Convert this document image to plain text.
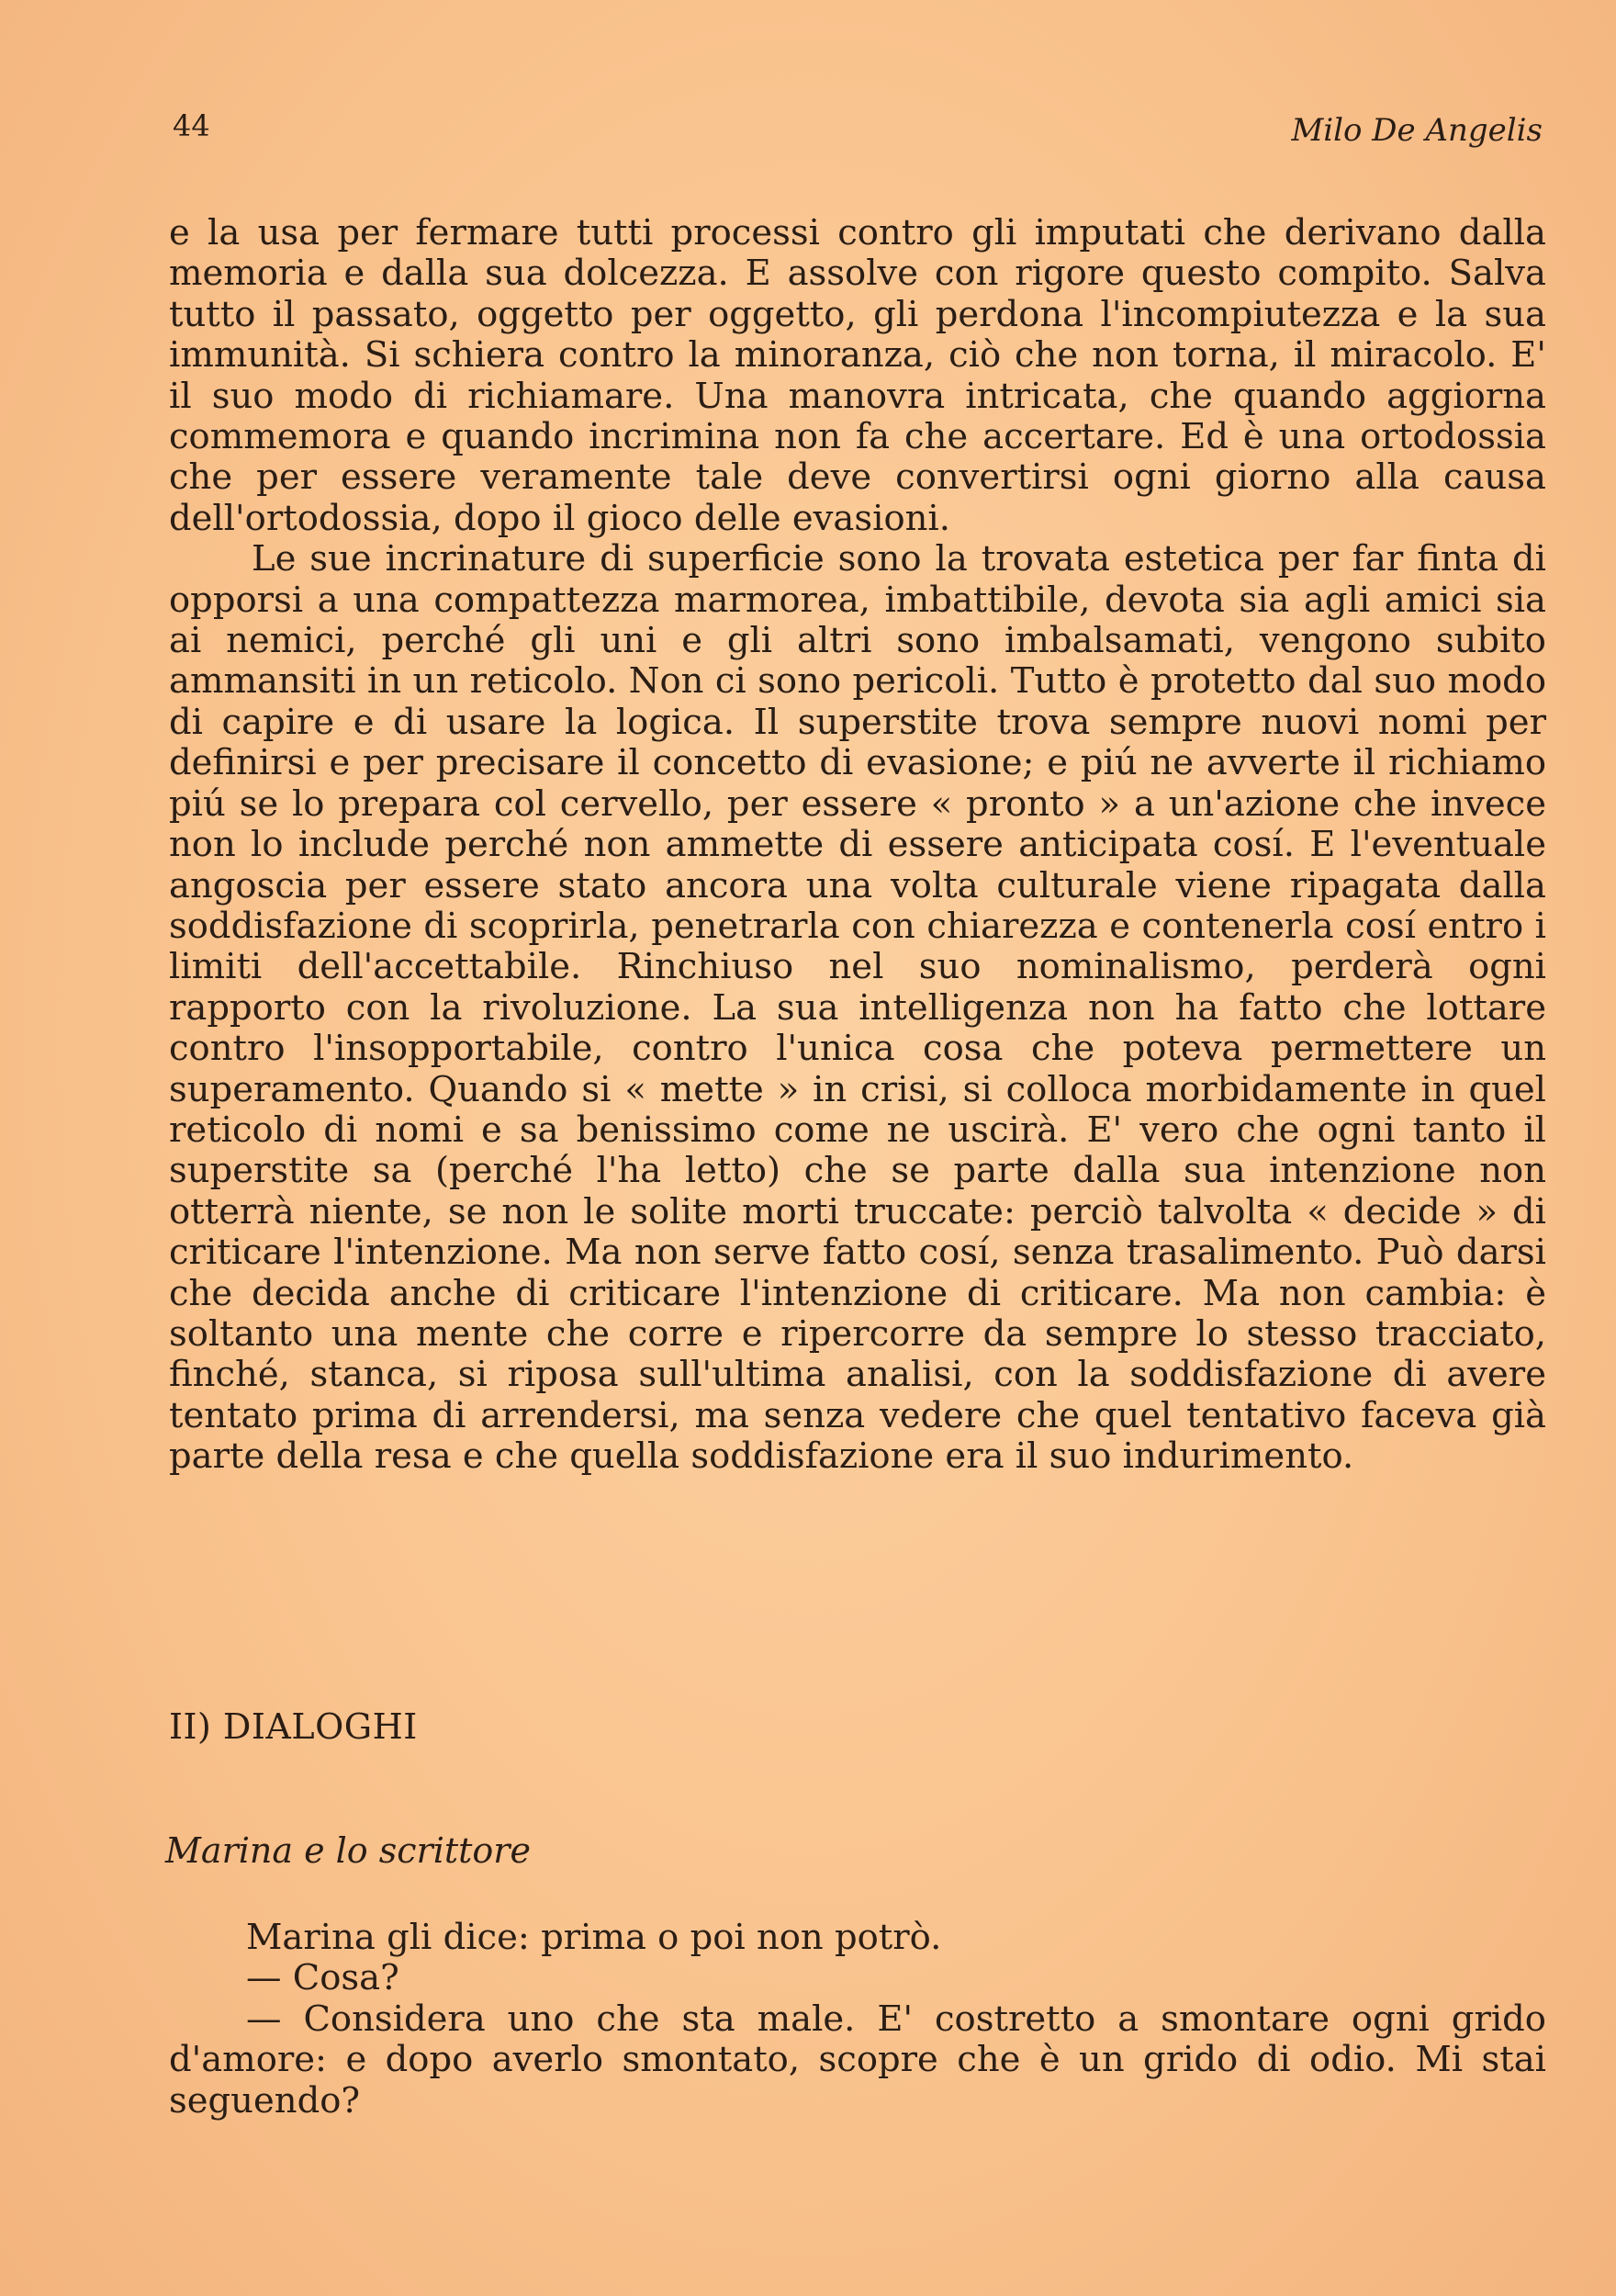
44	Milo De Angelis

e la usa per fermare tutti processi contro gli imputati che derivano dalla memoria e dalla sua dolcezza. E assolve con rigore questo compito. Salva tutto il passato, oggetto per oggetto, gli perdona l'incompiutezza e la sua immunità. Si schiera contro la minoranza, ciò che non torna, il miracolo. E' il suo modo di richiamare. Una manovra intricata, che quando aggiorna commemora e quando incrimina non fa che accertare. Ed è una ortodossia che per essere veramente tale deve convertirsi ogni giorno alla causa dell'ortodossia, dopo il gioco delle evasioni.

Le sue incrinature di superficie sono la trovata estetica per far finta di opporsi a una compattezza marmorea, imbattibile, devota sia agli amici sia ai nemici, perché gli uni e gli altri sono imbalsamati, vengono subito ammansiti in un reticolo. Non ci sono pericoli. Tutto è protetto dal suo modo di capire e di usare la logica. Il superstite trova sempre nuovi nomi per definirsi e per precisare il concetto di evasione; e piú ne avverte il richiamo piú se lo prepara col cervello, per essere « pronto » a un'azione che invece non lo include perché non ammette di essere anticipata cosí. E l'eventuale angoscia per essere stato ancora una volta culturale viene ripagata dalla soddisfazione di scoprirla, penetrarla con chiarezza e contenerla cosí entro i limiti dell'accettabile. Rinchiuso nel suo nominalismo, perderà ogni rapporto con la rivoluzione. La sua intelligenza non ha fatto che lottare contro l'insopportabile, contro l'unica cosa che poteva permettere un superamento. Quando si « mette » in crisi, si colloca morbidamente in quel reticolo di nomi e sa benissimo come ne uscirà. E' vero che ogni tanto il superstite sa (perché l'ha letto) che se parte dalla sua intenzione non otterrà niente, se non le solite morti truccate: perciò talvolta « decide » di criticare l'intenzione. Ma non serve fatto cosí, senza trasalimento. Può darsi che decida anche di criticare l'intenzione di criticare. Ma non cambia: è soltanto una mente che corre e ripercorre da sempre lo stesso tracciato, finché, stanca, si riposa sull'ultima analisi, con la soddisfazione di avere tentato prima di arrendersi, ma senza vedere che quel tentativo faceva già parte della resa e che quella soddisfazione era il suo indurimento.

II) DIALOGHI
Marina e lo scrittore

Marina gli dice: prima o poi non potrò.

— Cosa?

— Considera uno che sta male. E' costretto a smontare ogni grido d'amore: e dopo averlo smontato, scopre che è un grido di odio. Mi stai seguendo?
